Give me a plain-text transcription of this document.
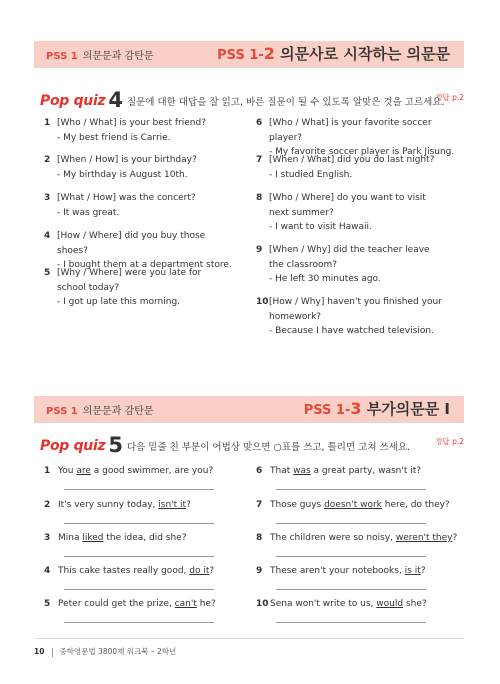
PSS 1 의문문과 감탄문	PSS 1-2 의문사로 시작하는 의문문
Pop quiz 4 질문에 대한 대답을 잘 읽고, 바른 질문이 될 수 있도록 알맞은 것을 고르세요.
정답 p.2
1 [Who / What] is your best friend?
- My best friend is Carrie.
2 [When / How] is your birthday?
- My birthday is August 10th.
3 [What / How] was the concert?
- It was great.
4 [How / Where] did you buy those shoes?
- I bought them at a department store.
5 [Why / Where] were you late for school today?
- I got up late this morning.
6 [Who / What] is your favorite soccer player?
- My favorite soccer player is Park Jisung.
7 [When / What] did you do last night?
- I studied English.
8 [Who / Where] do you want to visit next summer?
- I want to visit Hawaii.
9 [When / Why] did the teacher leave the classroom?
- He left 30 minutes ago.
10 [How / Why] haven't you finished your homework?
- Because I have watched television.
PSS 1 의문문과 감탄문	PSS 1-3 부가의문문 Ⅰ
Pop quiz 5 다음 밑줄 친 부분이 어법상 맞으면 ○표를 쓰고, 틀리면 고쳐 쓰세요.
정답 p.2
1 You are a good swimmer, are you?
2 It's very sunny today, isn't it?
3 Mina liked the idea, did she?
4 This cake tastes really good, do it?
5 Peter could get the prize, can't he?
6 That was a great party, wasn't it?
7 Those guys doesn't work here, do they?
8 The children were so noisy, weren't they?
9 These aren't your notebooks, is it?
10 Sena won't write to us, would she?
10 중학영문법 3800제 워크북 – 2학년
